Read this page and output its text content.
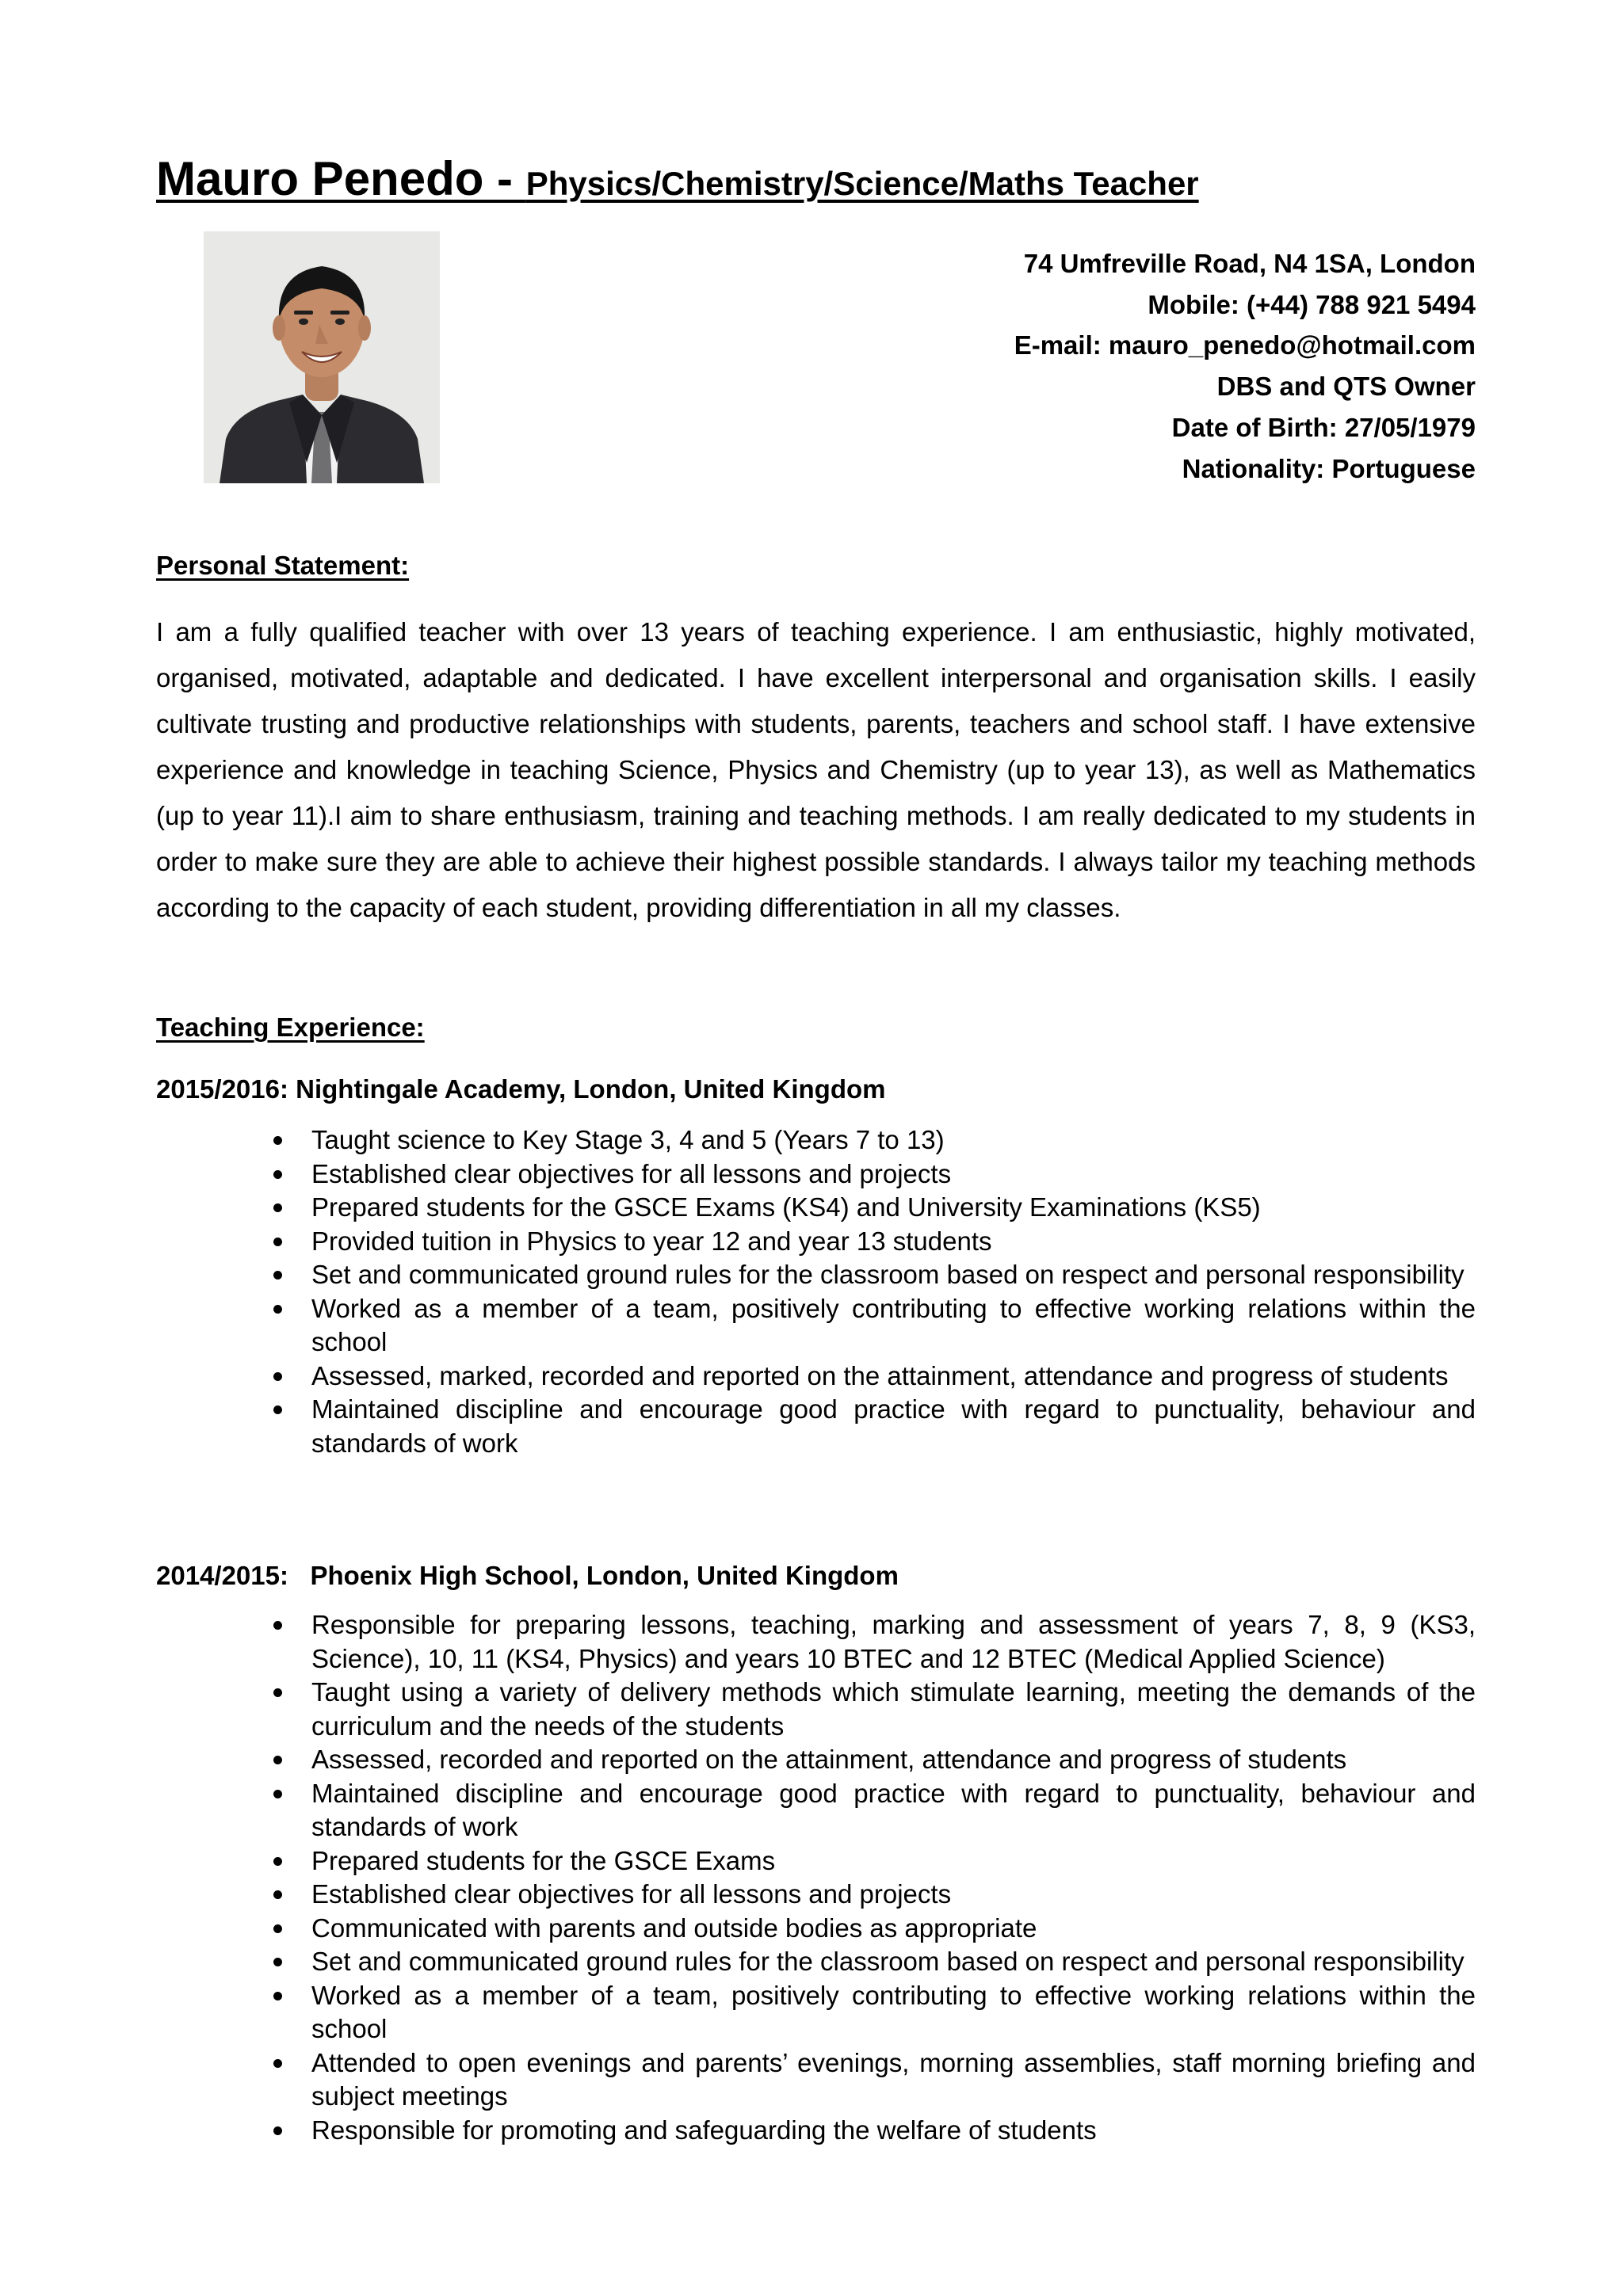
Mauro Penedo - Physics/Chemistry/Science/Maths Teacher
74 Umfreville Road, N4 1SA, London
Mobile: (+44) 788 921 5494
E-mail: mauro_penedo@hotmail.com
DBS and QTS Owner
Date of Birth: 27/05/1979
Nationality: Portuguese
Personal Statement:

I am a fully qualified teacher with over 13 years of teaching experience. I am enthusiastic, highly motivated, organised, motivated, adaptable and dedicated. I have excellent interpersonal and organisation skills. I easily cultivate trusting and productive relationships with students, parents, teachers and school staff. I have extensive experience and knowledge in teaching Science, Physics and Chemistry (up to year 13), as well as Mathematics (up to year 11).I aim to share enthusiasm, training and teaching methods. I am really dedicated to my students in order to make sure they are able to achieve their highest possible standards. I always tailor my teaching methods according to the capacity of each student, providing differentiation in all my classes.

Teaching Experience:
2015/2016: Nightingale Academy, London, United Kingdom
Taught science to Key Stage 3, 4 and 5 (Years 7 to 13)
Established clear objectives for all lessons and projects
Prepared students for the GSCE Exams (KS4) and University Examinations (KS5)
Provided tuition in Physics to year 12 and year 13 students
Set and communicated ground rules for the classroom based on respect and personal responsibility
Worked as a member of a team, positively contributing to effective working relations within the school
Assessed, marked, recorded and reported on the attainment, attendance and progress of students
Maintained discipline and encourage good practice with regard to punctuality, behaviour and standards of work
2014/2015:   Phoenix High School, London, United Kingdom
Responsible for preparing lessons, teaching, marking and assessment of years 7, 8, 9 (KS3, Science), 10, 11 (KS4, Physics) and years 10 BTEC and 12 BTEC (Medical Applied Science)
Taught using a variety of delivery methods which stimulate learning, meeting the demands of the curriculum and the needs of the students
Assessed, recorded and reported on the attainment, attendance and progress of students
Maintained discipline and encourage good practice with regard to punctuality, behaviour and standards of work
Prepared students for the GSCE Exams
Established clear objectives for all lessons and projects
Communicated with parents and outside bodies as appropriate
Set and communicated ground rules for the classroom based on respect and personal responsibility
Worked as a member of a team, positively contributing to effective working relations within the school
Attended to open evenings and parents’ evenings, morning assemblies, staff morning briefing and subject meetings
Responsible for promoting and safeguarding the welfare of students
